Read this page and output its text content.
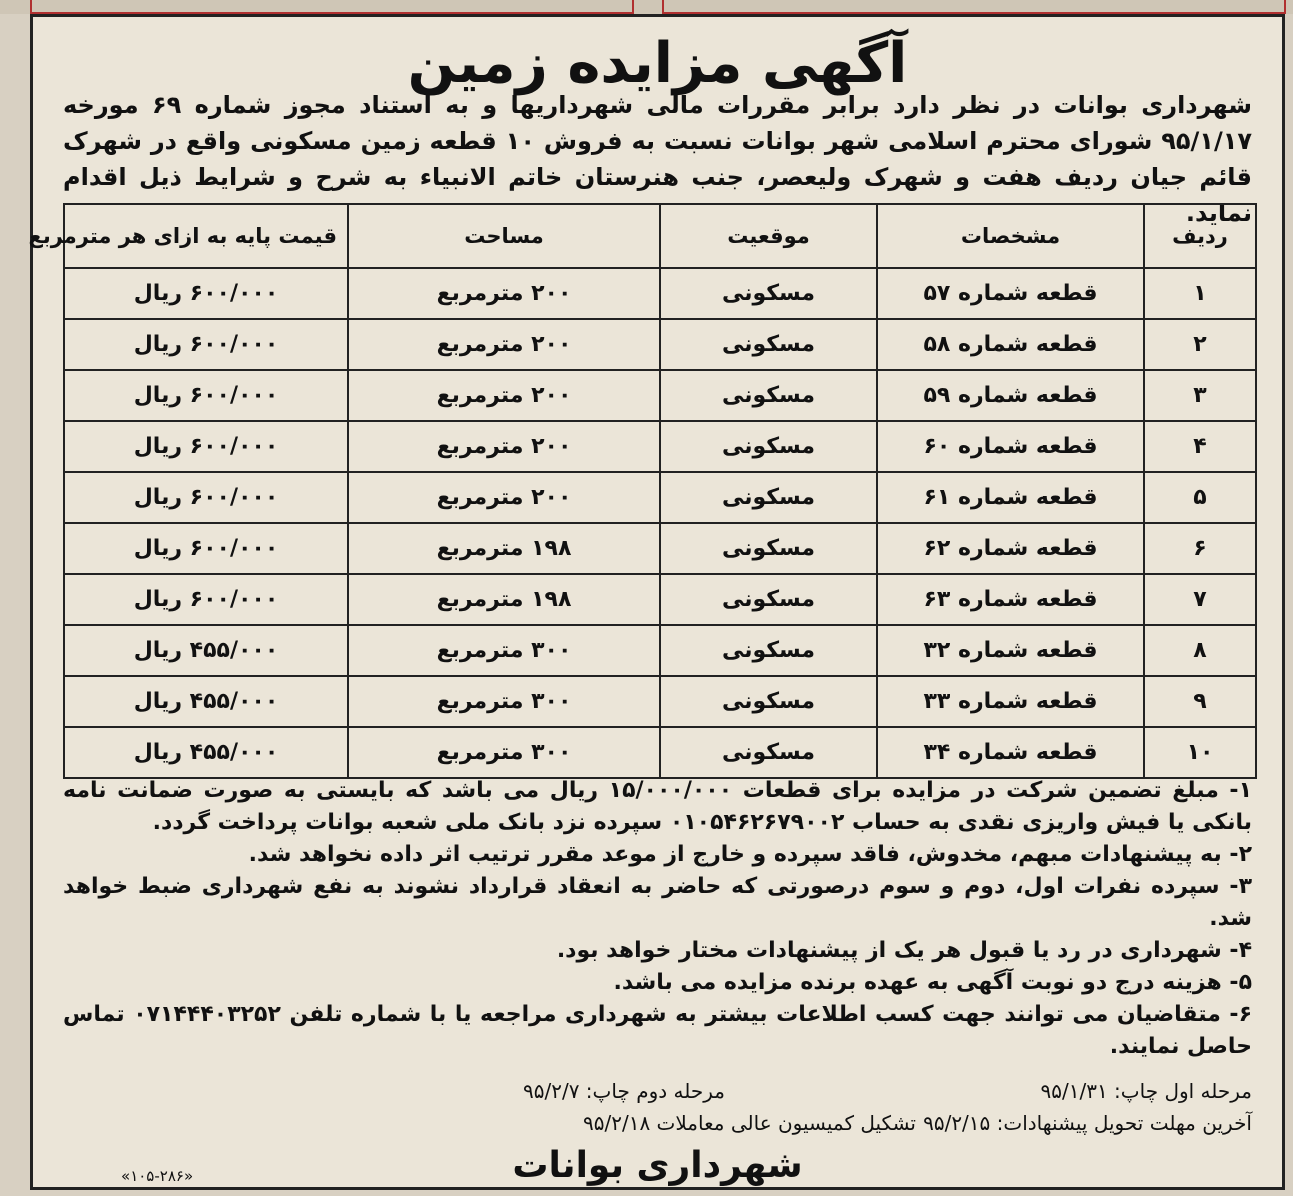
آگهی مزایده زمین
شهرداری بوانات در نظر دارد برابر مقررات مالی شهرداریها و به استناد مجوز شماره ۶۹ مورخه ۹۵/۱/۱۷ شورای محترم اسلامی شهر بوانات نسبت به فروش ۱۰ قطعه زمین مسکونی واقع در شهرک قائم جیان ردیف هفت و شهرک ولیعصر، جنب هنرستان خاتم الانبیاء به شرح و شرایط ذیل اقدام نماید.
ردیف	مشخصات	موقعیت	مساحت	قیمت پایه به ازای هر مترمربع
۱	قطعه شماره ۵۷	مسکونی	۲۰۰ مترمربع	۶۰۰/۰۰۰ ریال
۲	قطعه شماره ۵۸	مسکونی	۲۰۰ مترمربع	۶۰۰/۰۰۰ ریال
۳	قطعه شماره ۵۹	مسکونی	۲۰۰ مترمربع	۶۰۰/۰۰۰ ریال
۴	قطعه شماره ۶۰	مسکونی	۲۰۰ مترمربع	۶۰۰/۰۰۰ ریال
۵	قطعه شماره ۶۱	مسکونی	۲۰۰ مترمربع	۶۰۰/۰۰۰ ریال
۶	قطعه شماره ۶۲	مسکونی	۱۹۸ مترمربع	۶۰۰/۰۰۰ ریال
۷	قطعه شماره ۶۳	مسکونی	۱۹۸ مترمربع	۶۰۰/۰۰۰ ریال
۸	قطعه شماره ۳۲	مسکونی	۳۰۰ مترمربع	۴۵۵/۰۰۰ ریال
۹	قطعه شماره ۳۳	مسکونی	۳۰۰ مترمربع	۴۵۵/۰۰۰ ریال
۱۰	قطعه شماره ۳۴	مسکونی	۳۰۰ مترمربع	۴۵۵/۰۰۰ ریال

۱- مبلغ تضمین شرکت در مزایده برای قطعات ۱۵/۰۰۰/۰۰۰ ریال می باشد که بایستی به صورت ضمانت نامه بانکی یا فیش واریزی نقدی به حساب ۰۱۰۵۴۶۲۶۷۹۰۰۲ سپرده نزد بانک ملی شعبه بوانات پرداخت گردد.

۲- به پیشنهادات مبهم، مخدوش، فاقد سپرده و خارج از موعد مقرر ترتیب اثر داده نخواهد شد.

۳- سپرده نفرات اول، دوم و سوم درصورتی که حاضر به انعقاد قرارداد نشوند به نفع شهرداری ضبط خواهد شد.

۴- شهرداری در رد یا قبول هر یک از پیشنهادات مختار خواهد بود.

۵- هزینه درج دو نوبت آگهی به عهده برنده مزایده می باشد.

۶- متقاضیان می توانند جهت کسب اطلاعات بیشتر به شهرداری مراجعه یا با شماره تلفن ۰۷۱۴۴۴۰۳۲۵۲ تماس حاصل نمایند.

مرحله اول چاپ: ۹۵/۱/۳۱
مرحله دوم چاپ: ۹۵/۲/۷
آخرین مهلت تحویل پیشنهادات: ۹۵/۲/۱۵
تشکیل کمیسیون عالی معاملات ۹۵/۲/۱۸
شهرداری بوانات
«۱۰۵-۲۸۶»
